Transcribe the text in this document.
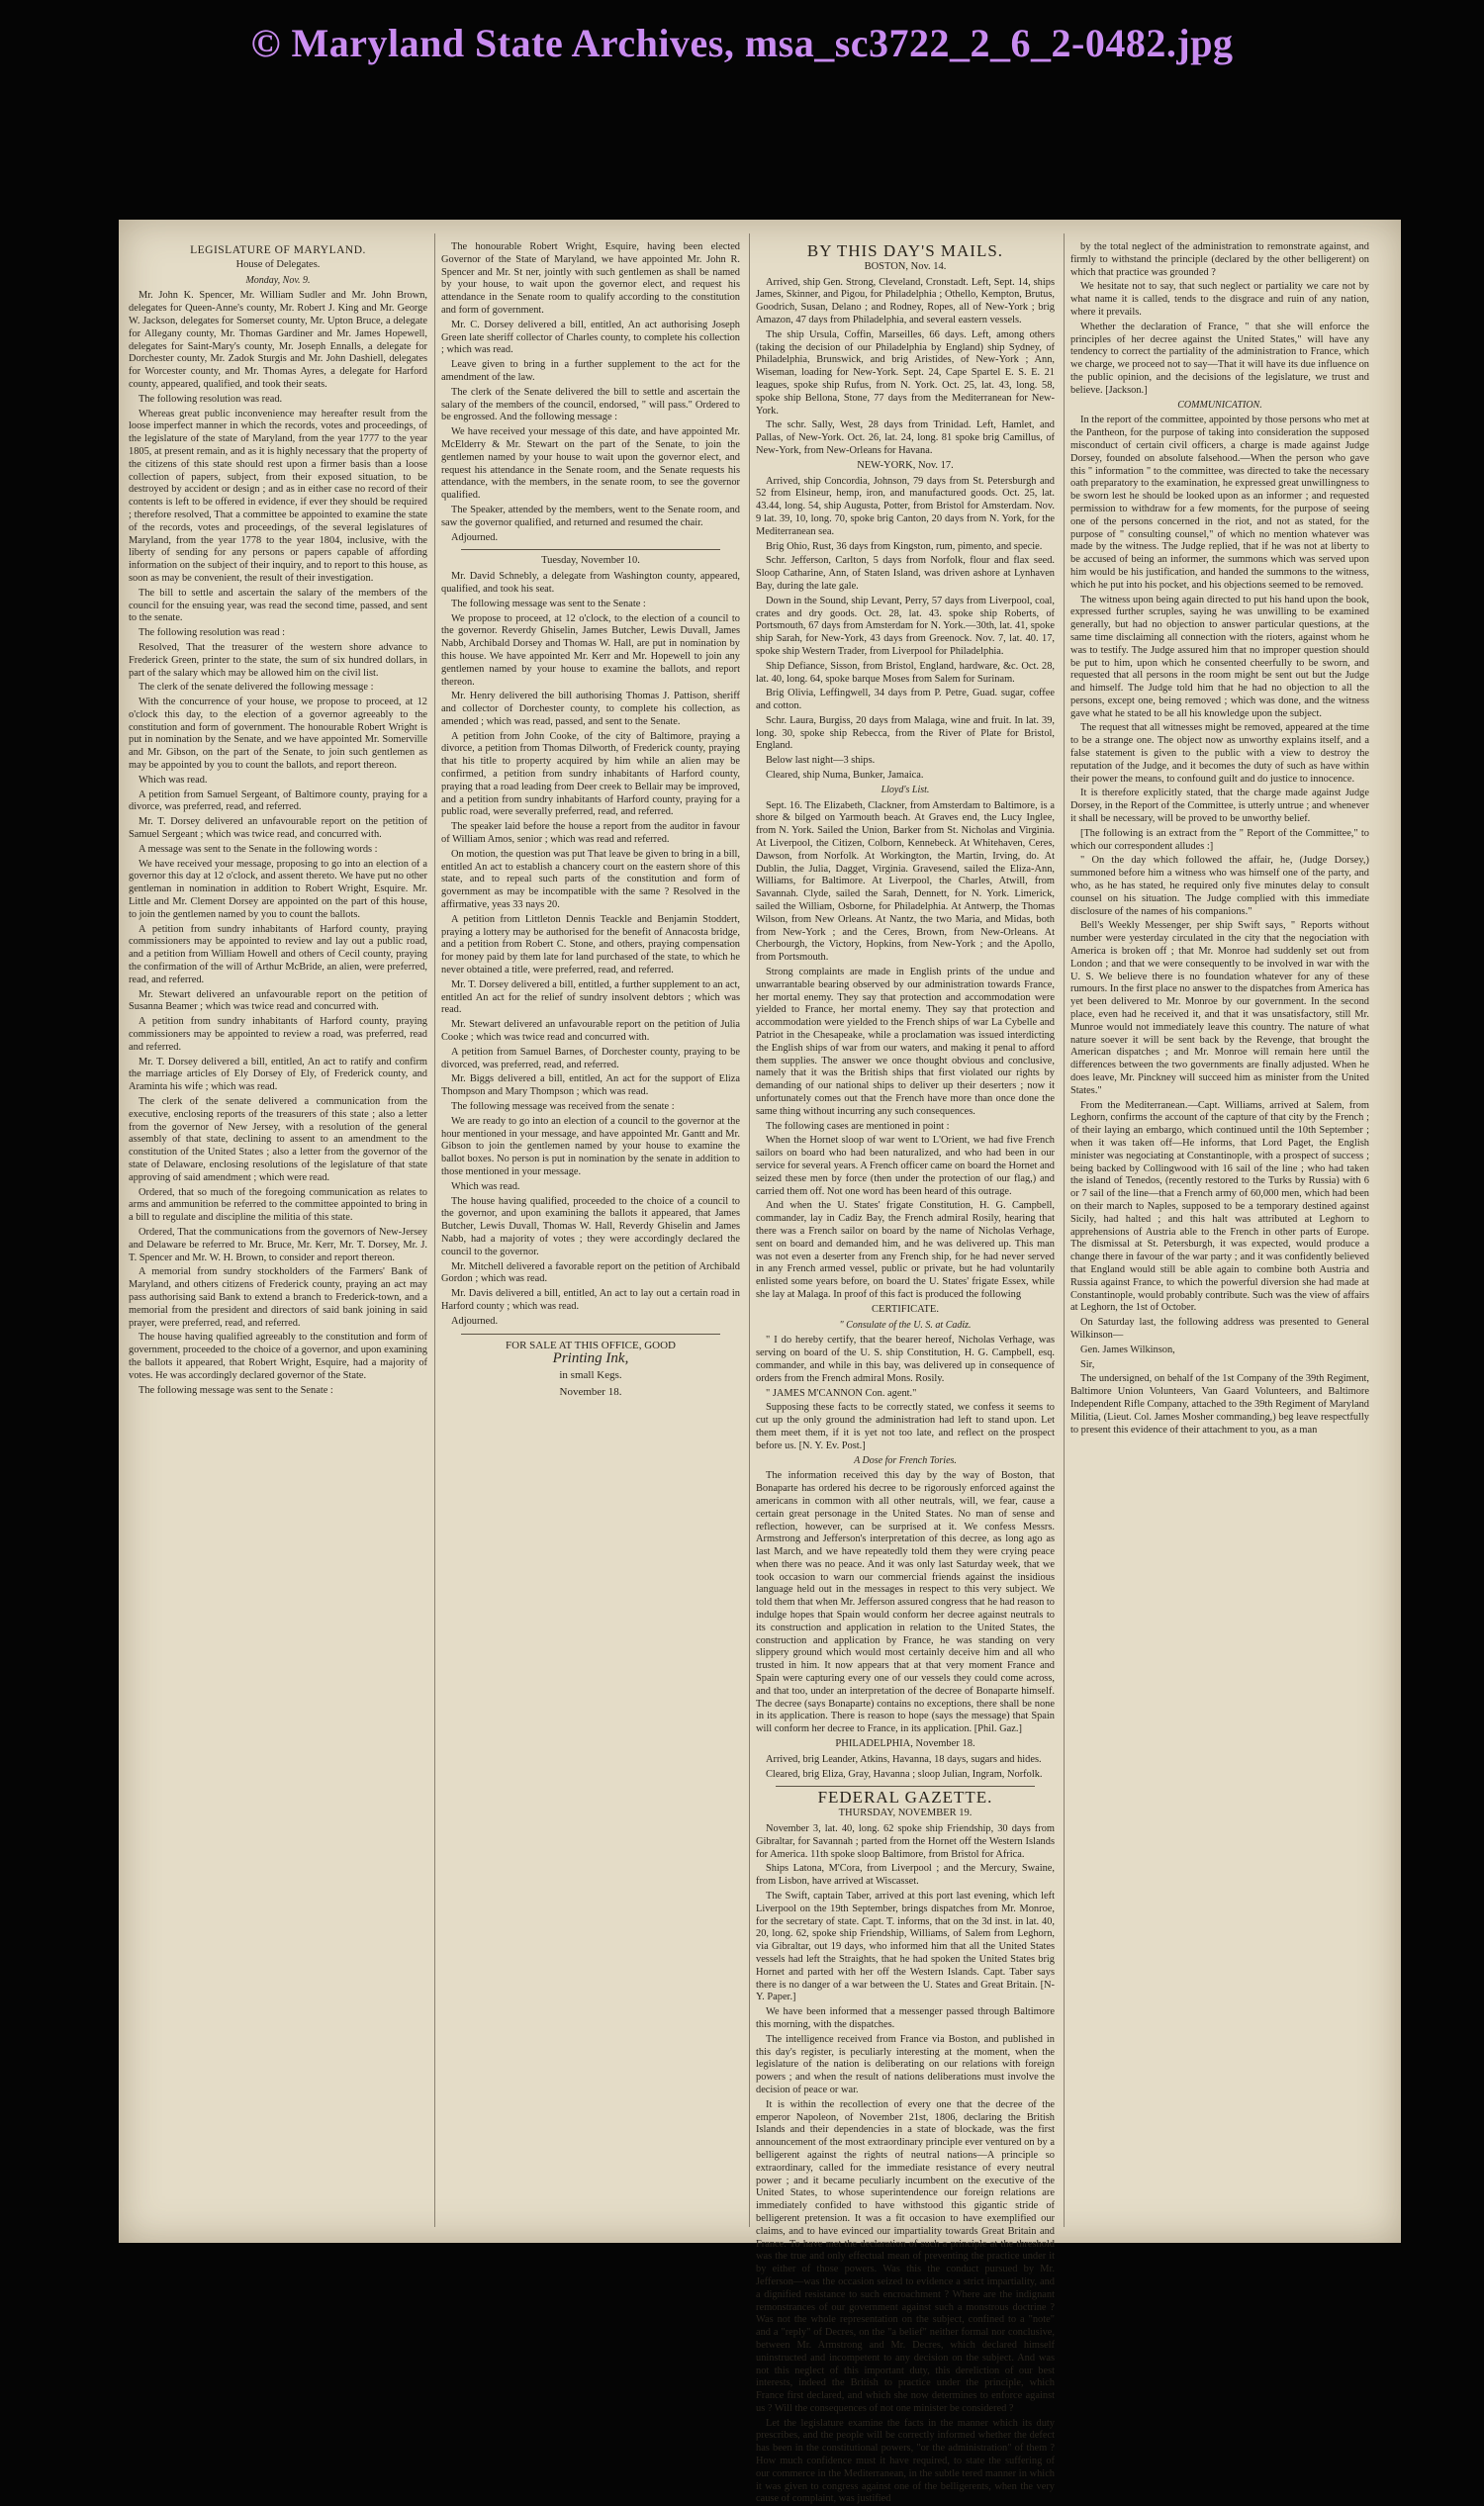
© Maryland State Archives, msa_sc3722_2_6_2-0482.jpg
LEGISLATURE OF MARYLAND.

House of Delegates.

Monday, Nov. 9.

Mr. John K. Spencer, Mr. William Sudler and Mr. John Brown, delegates for Queen-Anne's county, Mr. Robert J. King and Mr. George W. Jackson, delegates for Somerset county, Mr. Upton Bruce, a delegate for Allegany county, Mr. Thomas Gardiner and Mr. James Hopewell, delegates for Saint-Mary's county, Mr. Joseph Ennalls, a delegate for Dorchester county, Mr. Zadok Sturgis and Mr. John Dashiell, delegates for Worcester county, and Mr. Thomas Ayres, a delegate for Harford county, appeared, qualified, and took their seats.

The following resolution was read.

Whereas great public inconvenience may hereafter result from the loose imperfect manner in which the records, votes and proceedings, of the legislature of the state of Maryland, from the year 1777 to the year 1805, at present remain, and as it is highly necessary that the property of the citizens of this state should rest upon a firmer basis than a loose collection of papers, subject, from their exposed situation, to be destroyed by accident or design ; and as in either case no record of their contents is left to be offered in evidence, if ever they should be required ; therefore resolved, That a committee be appointed to examine the state of the records, votes and proceedings, of the several legislatures of Maryland, from the year 1778 to the year 1804, inclusive, with the liberty of sending for any persons or papers capable of affording information on the subject of their inquiry, and to report to this house, as soon as may be convenient, the result of their investigation.

The bill to settle and ascertain the salary of the members of the council for the ensuing year, was read the second time, passed, and sent to the senate.

The following resolution was read :

Resolved, That the treasurer of the western shore advance to Frederick Green, printer to the state, the sum of six hundred dollars, in part of the salary which may be allowed him on the civil list.

The clerk of the senate delivered the following message :

With the concurrence of your house, we propose to proceed, at 12 o'clock this day, to the election of a governor agreeably to the constitution and form of government. The honourable Robert Wright is put in nomination by the Senate, and we have appointed Mr. Somerville and Mr. Gibson, on the part of the Senate, to join such gentlemen as may be appointed by you to count the ballots, and report thereon.

Which was read.

A petition from Samuel Sergeant, of Baltimore county, praying for a divorce, was preferred, read, and referred.

Mr. T. Dorsey delivered an unfavourable report on the petition of Samuel Sergeant ; which was twice read, and concurred with.

A message was sent to the Senate in the following words :

We have received your message, proposing to go into an election of a governor this day at 12 o'clock, and assent thereto. We have put no other gentleman in nomination in addition to Robert Wright, Esquire. Mr. Little and Mr. Clement Dorsey are appointed on the part of this house, to join the gentlemen named by you to count the ballots.

A petition from sundry inhabitants of Harford county, praying commissioners may be appointed to review and lay out a public road, and a petition from William Howell and others of Cecil county, praying the confirmation of the will of Arthur McBride, an alien, were preferred, read, and referred.

Mr. Stewart delivered an unfavourable report on the petition of Susanna Beamer ; which was twice read and concurred with.

A petition from sundry inhabitants of Harford county, praying commissioners may be appointed to review a road, was preferred, read and referred.

Mr. T. Dorsey delivered a bill, entitled, An act to ratify and confirm the marriage articles of Ely Dorsey of Ely, of Frederick county, and Araminta his wife ; which was read.

The clerk of the senate delivered a communication from the executive, enclosing reports of the treasurers of this state ; also a letter from the governor of New Jersey, with a resolution of the general assembly of that state, declining to assent to an amendment to the constitution of the United States ; also a letter from the governor of the state of Delaware, enclosing resolutions of the legislature of that state approving of said amendment ; which were read.

Ordered, that so much of the foregoing communication as relates to arms and ammunition be referred to the committee appointed to bring in a bill to regulate and discipline the militia of this state.

Ordered, That the communications from the governors of New-Jersey and Delaware be referred to Mr. Bruce, Mr. Kerr, Mr. T. Dorsey, Mr. J. T. Spencer and Mr. W. H. Brown, to consider and report thereon.

A memorial from sundry stockholders of the Farmers' Bank of Maryland, and others citizens of Frederick county, praying an act may pass authorising said Bank to extend a branch to Frederick-town, and a memorial from the president and directors of said bank joining in said prayer, were preferred, read, and referred.

The house having qualified agreeably to the constitution and form of government, proceeded to the choice of a governor, and upon examining the ballots it appeared, that Robert Wright, Esquire, had a majority of votes. He was accordingly declared governor of the State.

The following message was sent to the Senate :

The honourable Robert Wright, Esquire, having been elected Governor of the State of Maryland, we have appointed Mr. John R. Spencer and Mr. St ner, jointly with such gentlemen as shall be named by your house, to wait upon the governor elect, and request his attendance in the Senate room to qualify according to the constitution and form of government.

Mr. C. Dorsey delivered a bill, entitled, An act authorising Joseph Green late sheriff collector of Charles county, to complete his collection ; which was read.

Leave given to bring in a further supplement to the act for the amendment of the law.

The clerk of the Senate delivered the bill to settle and ascertain the salary of the members of the council, endorsed, " will pass." Ordered to be engrossed. And the following message :

We have received your message of this date, and have appointed Mr. McElderry & Mr. Stewart on the part of the Senate, to join the gentlemen named by your house to wait upon the governor elect, and request his attendance in the Senate room, and the Senate requests his attendance, with the members, in the senate room, to see the governor qualified.

The Speaker, attended by the members, went to the Senate room, and saw the governor qualified, and returned and resumed the chair.

Adjourned.

Tuesday, November 10.

Mr. David Schnebly, a delegate from Washington county, appeared, qualified, and took his seat.

The following message was sent to the Senate :

We propose to proceed, at 12 o'clock, to the election of a council to the governor. Reverdy Ghiselin, James Butcher, Lewis Duvall, James Nabb, Archibald Dorsey and Thomas W. Hall, are put in nomination by this house. We have appointed Mr. Kerr and Mr. Hopewell to join any gentlemen named by your house to examine the ballots, and report thereon.

Mr. Henry delivered the bill authorising Thomas J. Pattison, sheriff and collector of Dorchester county, to complete his collection, as amended ; which was read, passed, and sent to the Senate.

A petition from John Cooke, of the city of Baltimore, praying a divorce, a petition from Thomas Dilworth, of Frederick county, praying that his title to property acquired by him while an alien may be confirmed, a petition from sundry inhabitants of Harford county, praying that a road leading from Deer creek to Bellair may be improved, and a petition from sundry inhabitants of Harford county, praying for a public road, were severally preferred, read, and referred.

The speaker laid before the house a report from the auditor in favour of William Amos, senior ; which was read and referred.

On motion, the question was put That leave be given to bring in a bill, entitled An act to establish a chancery court on the eastern shore of this state, and to repeal such parts of the constitution and form of government as may be incompatible with the same ? Resolved in the affirmative, yeas 33 nays 20.

A petition from Littleton Dennis Teackle and Benjamin Stoddert, praying a lottery may be authorised for the benefit of Annacosta bridge, and a petition from Robert C. Stone, and others, praying compensation for money paid by them late for land purchased of the state, to which he never obtained a title, were preferred, read, and referred.

Mr. T. Dorsey delivered a bill, entitled, a further supplement to an act, entitled An act for the relief of sundry insolvent debtors ; which was read.

Mr. Stewart delivered an unfavourable report on the petition of Julia Cooke ; which was twice read and concurred with.

A petition from Samuel Barnes, of Dorchester county, praying to be divorced, was preferred, read, and referred.

Mr. Biggs delivered a bill, entitled, An act for the support of Eliza Thompson and Mary Thompson ; which was read.

The following message was received from the senate :

We are ready to go into an election of a council to the governor at the hour mentioned in your message, and have appointed Mr. Gantt and Mr. Gibson to join the gentlemen named by your house to examine the ballot boxes. No person is put in nomination by the senate in addition to those mentioned in your message.

Which was read.

The house having qualified, proceeded to the choice of a council to the governor, and upon examining the ballots it appeared, that James Butcher, Lewis Duvall, Thomas W. Hall, Reverdy Ghiselin and James Nabb, had a majority of votes ; they were accordingly declared the council to the governor.

Mr. Mitchell delivered a favorable report on the petition of Archibald Gordon ; which was read.

Mr. Davis delivered a bill, entitled, An act to lay out a certain road in Harford county ; which was read.

Adjourned.

FOR SALE AT THIS OFFICE, GOOD

Printing Ink,

in small Kegs.

November 18.

BY THIS DAY'S MAILS.

BOSTON, Nov. 14.

Arrived, ship Gen. Strong, Cleveland, Cronstadt. Left, Sept. 14, ships James, Skinner, and Pigou, for Philadelphia ; Othello, Kempton, Brutus, Goodrich, Susan, Delano ; and Rodney, Ropes, all of New-York ; brig Amazon, 47 days from Philadelphia, and several eastern vessels.

The ship Ursula, Coffin, Marseilles, 66 days. Left, among others (taking the decision of our Philadelphia by England) ship Sydney, of Philadelphia, Brunswick, and brig Aristides, of New-York ; Ann, Wiseman, loading for New-York. Sept. 24, Cape Spartel E. S. E. 21 leagues, spoke ship Rufus, from N. York. Oct. 25, lat. 43, long. 58, spoke ship Bellona, Stone, 77 days from the Mediterranean for New-York.

The schr. Sally, West, 28 days from Trinidad. Left, Hamlet, and Pallas, of New-York. Oct. 26, lat. 24, long. 81 spoke brig Camillus, of New-York, from New-Orleans for Havana.

NEW-YORK, Nov. 17.

Arrived, ship Concordia, Johnson, 79 days from St. Petersburgh and 52 from Elsineur, hemp, iron, and manufactured goods. Oct. 25, lat. 43.44, long. 54, ship Augusta, Potter, from Bristol for Amsterdam. Nov. 9 lat. 39, 10, long. 70, spoke brig Canton, 20 days from N. York, for the Mediterranean sea.

Brig Ohio, Rust, 36 days from Kingston, rum, pimento, and specie.

Schr. Jefferson, Carlton, 5 days from Norfolk, flour and flax seed. Sloop Catharine, Ann, of Staten Island, was driven ashore at Lynhaven Bay, during the late gale.

Down in the Sound, ship Levant, Perry, 57 days from Liverpool, coal, crates and dry goods. Oct. 28, lat. 43. spoke ship Roberts, of Portsmouth, 67 days from Amsterdam for N. York.—30th, lat. 41, spoke ship Sarah, for New-York, 43 days from Greenock. Nov. 7, lat. 40. 17, spoke ship Western Trader, from Liverpool for Philadelphia.

Ship Defiance, Sisson, from Bristol, England, hardware, &c. Oct. 28, lat. 40, long. 64, spoke barque Moses from Salem for Surinam.

Brig Olivia, Leffingwell, 34 days from P. Petre, Guad. sugar, coffee and cotton.

Schr. Laura, Burgiss, 20 days from Malaga, wine and fruit. In lat. 39, long. 30, spoke ship Rebecca, from the River of Plate for Bristol, England.

Below last night—3 ships.

Cleared, ship Numa, Bunker, Jamaica.

Lloyd's List.

Sept. 16. The Elizabeth, Clackner, from Amsterdam to Baltimore, is a shore & bilged on Yarmouth beach. At Graves end, the Lucy Inglee, from N. York. Sailed the Union, Barker from St. Nicholas and Virginia. At Liverpool, the Citizen, Colborn, Kennebeck. At Whitehaven, Ceres, Dawson, from Norfolk. At Workington, the Martin, Irving, do. At Dublin, the Julia, Dagget, Virginia. Gravesend, sailed the Eliza-Ann, Williams, for Baltimore. At Liverpool, the Charles, Atwill, from Savannah. Clyde, sailed the Sarah, Dennett, for N. York. Limerick, sailed the William, Osborne, for Philadelphia. At Antwerp, the Thomas Wilson, from New Orleans. At Nantz, the two Maria, and Midas, both from New-York ; and the Ceres, Brown, from New-Orleans. At Cherbourgh, the Victory, Hopkins, from New-York ; and the Apollo, from Portsmouth.

Strong complaints are made in English prints of the undue and unwarrantable bearing observed by our administration towards France, her mortal enemy. They say that protection and accommodation were yielded to France, her mortal enemy. They say that protection and accommodation were yielded to the French ships of war La Cybelle and Patriot in the Chesapeake, while a proclamation was issued interdicting the English ships of war from our waters, and making it penal to afford them supplies. The answer we once thought obvious and conclusive, namely that it was the British ships that first violated our rights by demanding of our national ships to deliver up their deserters ; now it unfortunately comes out that the French have more than once done the same thing without incurring any such consequences.

The following cases are mentioned in point :

When the Hornet sloop of war went to L'Orient, we had five French sailors on board who had been naturalized, and who had been in our service for several years. A French officer came on board the Hornet and seized these men by force (then under the protection of our flag,) and carried them off. Not one word has been heard of this outrage.

And when the U. States' frigate Constitution, H. G. Campbell, commander, lay in Cadiz Bay, the French admiral Rosily, hearing that there was a French sailor on board by the name of Nicholas Verhage, sent on board and demanded him, and he was delivered up. This man was not even a deserter from any French ship, for he had never served in any French armed vessel, public or private, but he had voluntarily enlisted some years before, on board the U. States' frigate Essex, while she lay at Malaga. In proof of this fact is produced the following

CERTIFICATE.

" Consulate of the U. S. at Cadiz.

" I do hereby certify, that the bearer hereof, Nicholas Verhage, was serving on board of the U. S. ship Constitution, H. G. Campbell, esq. commander, and while in this bay, was delivered up in consequence of orders from the French admiral Mons. Rosily.

" JAMES M'CANNON Con. agent."

Supposing these facts to be correctly stated, we confess it seems to cut up the only ground the administration had left to stand upon. Let them meet them, if it is yet not too late, and reflect on the prospect before us. [N. Y. Ev. Post.]

A Dose for French Tories.

The information received this day by the way of Boston, that Bonaparte has ordered his decree to be rigorously enforced against the americans in common with all other neutrals, will, we fear, cause a certain great personage in the United States. No man of sense and reflection, however, can be surprised at it. We confess Messrs. Armstrong and Jefferson's interpretation of this decree, as long ago as last March, and we have repeatedly told them they were crying peace when there was no peace. And it was only last Saturday week, that we took occasion to warn our commercial friends against the insidious language held out in the messages in respect to this very subject. We told them that when Mr. Jefferson assured congress that he had reason to indulge hopes that Spain would conform her decree against neutrals to its construction and application in relation to the United States, the construction and application by France, he was standing on very slippery ground which would most certainly deceive him and all who trusted in him. It now appears that at that very moment France and Spain were capturing every one of our vessels they could come across, and that too, under an interpretation of the decree of Bonaparte himself. The decree (says Bonaparte) contains no exceptions, there shall be none in its application. There is reason to hope (says the message) that Spain will conform her decree to France, in its application. [Phil. Gaz.]

PHILADELPHIA, November 18.

Arrived, brig Leander, Atkins, Havanna, 18 days, sugars and hides.

Cleared, brig Eliza, Gray, Havanna ; sloop Julian, Ingram, Norfolk.

FEDERAL GAZETTE.

THURSDAY, NOVEMBER 19.

November 3, lat. 40, long. 62 spoke ship Friendship, 30 days from Gibraltar, for Savannah ; parted from the Hornet off the Western Islands for America. 11th spoke sloop Baltimore, from Bristol for Africa.

Ships Latona, M'Cora, from Liverpool ; and the Mercury, Swaine, from Lisbon, have arrived at Wiscasset.

The Swift, captain Taber, arrived at this port last evening, which left Liverpool on the 19th September, brings dispatches from Mr. Monroe, for the secretary of state. Capt. T. informs, that on the 3d inst. in lat. 40, 20, long. 62, spoke ship Friendship, Williams, of Salem from Leghorn, via Gibraltar, out 19 days, who informed him that all the United States vessels had left the Straights, that he had spoken the United States brig Hornet and parted with her off the Western Islands. Capt. Taber says there is no danger of a war between the U. States and Great Britain. [N-Y. Paper.]

We have been informed that a messenger passed through Baltimore this morning, with the dispatches.

The intelligence received from France via Boston, and published in this day's register, is peculiarly interesting at the moment, when the legislature of the nation is deliberating on our relations with foreign powers ; and when the result of nations deliberations must involve the decision of peace or war.

It is within the recollection of every one that the decree of the emperor Napoleon, of November 21st, 1806, declaring the British Islands and their dependencies in a state of blockade, was the first announcement of the most extraordinary principle ever ventured on by a belligerent against the rights of neutral nations—A principle so extraordinary, called for the immediate resistance of every neutral power ; and it became peculiarly incumbent on the executive of the United States, to whose superintendence our foreign relations are immediately confided to have withstood this gigantic stride of belligerent pretension. It was a fit occasion to have exemplified our claims, and to have evinced our impartiality towards Great Britain and France. To have met the declaration of such a principle at the threshold was the true and only effectual mean of preventing the practice under it by either of those powers. Was this the conduct pursued by Mr. Jefferson—was the occasion seized to evidence a strict impartiality, and a dignified resistance to such encroachment ? Where are the indignant remonstrances of our government against such a monstrous doctrine ? Was not the whole representation on the subject, confined to a "note" and a "reply" of Decres, on the "a belief" neither formal nor conclusive, between Mr. Armstrong and Mr. Decres, which declared himself uninstructed and incompetent to any decision on the subject. And was not this neglect of this important duty, this dereliction of our best interests, indeed the British to practice under the principle, which France first declared, and which she now determines to enforce against us ? Will the consequences of not one minister be considered ?

Let the legislature examine the facts in the manner which its duty prescribes, and the people will be correctly informed whether the defect has been in the constitutional powers, "or the administration" of them ? How much confidence must it have required, to state the suffering of our commerce in the Mediterranean, in the subtle tered manner in which it was given to congress against one of the belligerents, when the very cause of complaint, was justified

by the total neglect of the administration to remonstrate against, and firmly to withstand the principle (declared by the other belligerent) on which that practice was grounded ?

We hesitate not to say, that such neglect or partiality we care not by what name it is called, tends to the disgrace and ruin of any nation, where it prevails.

Whether the declaration of France, " that she will enforce the principles of her decree against the United States," will have any tendency to correct the partiality of the administration to France, which we charge, we proceed not to say—That it will have its due influence on the public opinion, and the decisions of the legislature, we trust and believe. [Jackson.]

COMMUNICATION.

In the report of the committee, appointed by those persons who met at the Pantheon, for the purpose of taking into consideration the supposed misconduct of certain civil officers, a charge is made against Judge Dorsey, founded on absolute falsehood.—When the person who gave this " information " to the committee, was directed to take the necessary oath preparatory to the examination, he expressed great unwillingness to be sworn lest he should be looked upon as an informer ; and requested permission to withdraw for a few moments, for the purpose of seeing one of the persons concerned in the riot, and not as stated, for the purpose of " consulting counsel," of which no mention whatever was made by the witness. The Judge replied, that if he was not at liberty to be accused of being an informer, the summons which was served upon him would be his justification, and handed the summons to the witness, which he put into his pocket, and his objections seemed to be removed.

The witness upon being again directed to put his hand upon the book, expressed further scruples, saying he was unwilling to be examined generally, but had no objection to answer particular questions, at the same time disclaiming all connection with the rioters, against whom he was to testify. The Judge assured him that no improper question should be put to him, upon which he consented cheerfully to be sworn, and requested that all persons in the room might be sent out but the Judge and himself. The Judge told him that he had no objection to all the persons, except one, being removed ; which was done, and the witness gave what he stated to be all his knowledge upon the subject.

The request that all witnesses might be removed, appeared at the time to be a strange one. The object now as unworthy explains itself, and a false statement is given to the public with a view to destroy the reputation of the Judge, and it becomes the duty of such as have within their power the means, to confound guilt and do justice to innocence.

It is therefore explicitly stated, that the charge made against Judge Dorsey, in the Report of the Committee, is utterly untrue ; and whenever it shall be necessary, will be proved to be unworthy belief.

[The following is an extract from the " Report of the Committee," to which our correspondent alludes :]

" On the day which followed the affair, he, (Judge Dorsey,) summoned before him a witness who was himself one of the party, and who, as he has stated, he required only five minutes delay to consult counsel on his situation. The Judge complied with this immediate disclosure of the names of his companions."

Bell's Weekly Messenger, per ship Swift says, " Reports without number were yesterday circulated in the city that the negociation with America is broken off ; that Mr. Monroe had suddenly set out from London ; and that we were consequently to be involved in war with the U. S. We believe there is no foundation whatever for any of these rumours. In the first place no answer to the dispatches from America has yet been delivered to Mr. Monroe by our government. In the second place, even had he received it, and that it was unsatisfactory, still Mr. Munroe would not immediately leave this country. The nature of what nature soever it will be sent back by the Revenge, that brought the American dispatches ; and Mr. Monroe will remain here until the differences between the two governments are finally adjusted. When he does leave, Mr. Pinckney will succeed him as minister from the United States."

From the Mediterranean.—Capt. Williams, arrived at Salem, from Leghorn, confirms the account of the capture of that city by the French ; of their laying an embargo, which continued until the 10th September ; when it was taken off—He informs, that Lord Paget, the English minister was negociating at Constantinople, with a prospect of success ; being backed by Collingwood with 16 sail of the line ; who had taken the island of Tenedos, (recently restored to the Turks by Russia) with 6 or 7 sail of the line—that a French army of 60,000 men, which had been on their march to Naples, supposed to be a temporary destined against Sicily, had halted ; and this halt was attributed at Leghorn to apprehensions of Austria able to the French in other parts of Europe. The dismissal at St. Petersburgh, it was expected, would produce a change there in favour of the war party ; and it was confidently believed that England would still be able again to combine both Austria and Russia against France, to which the powerful diversion she had made at Constantinople, would probably contribute. Such was the view of affairs at Leghorn, the 1st of October.

On Saturday last, the following address was presented to General Wilkinson—

Gen. James Wilkinson,

Sir,

The undersigned, on behalf of the 1st Company of the 39th Regiment, Baltimore Union Volunteers, Van Gaard Volunteers, and Baltimore Independent Rifle Company, attached to the 39th Regiment of Maryland Militia, (Lieut. Col. James Mosher commanding,) beg leave respectfully to present this evidence of their attachment to you, as a man
